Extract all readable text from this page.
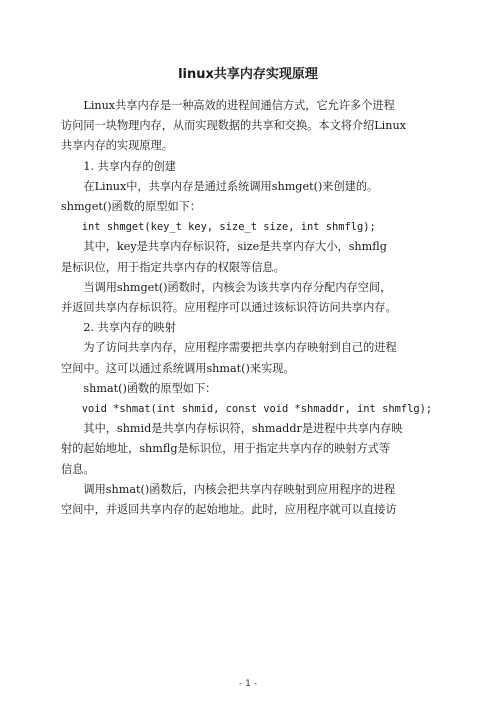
linux共享内存实现原理
Linux共享内存是一种高效的进程间通信方式，它允许多个进程
访问同一块物理内存，从而实现数据的共享和交换。本文将介绍Linux
共享内存的实现原理。
1. 共享内存的创建
在Linux中，共享内存是通过系统调用shmget()来创建的。
shmget()函数的原型如下：
int shmget(key_t key, size_t size, int shmflg);
其中，key是共享内存标识符，size是共享内存大小，shmflg
是标识位，用于指定共享内存的权限等信息。
当调用shmget()函数时，内核会为该共享内存分配内存空间，
并返回共享内存标识符。应用程序可以通过该标识符访问共享内存。
2. 共享内存的映射
为了访问共享内存，应用程序需要把共享内存映射到自己的进程
空间中。这可以通过系统调用shmat()来实现。
shmat()函数的原型如下：
void *shmat(int shmid, const void *shmaddr, int shmflg);
其中，shmid是共享内存标识符，shmaddr是进程中共享内存映
射的起始地址，shmflg是标识位，用于指定共享内存的映射方式等
信息。
调用shmat()函数后，内核会把共享内存映射到应用程序的进程
空间中，并返回共享内存的起始地址。此时，应用程序就可以直接访
- 1 -
